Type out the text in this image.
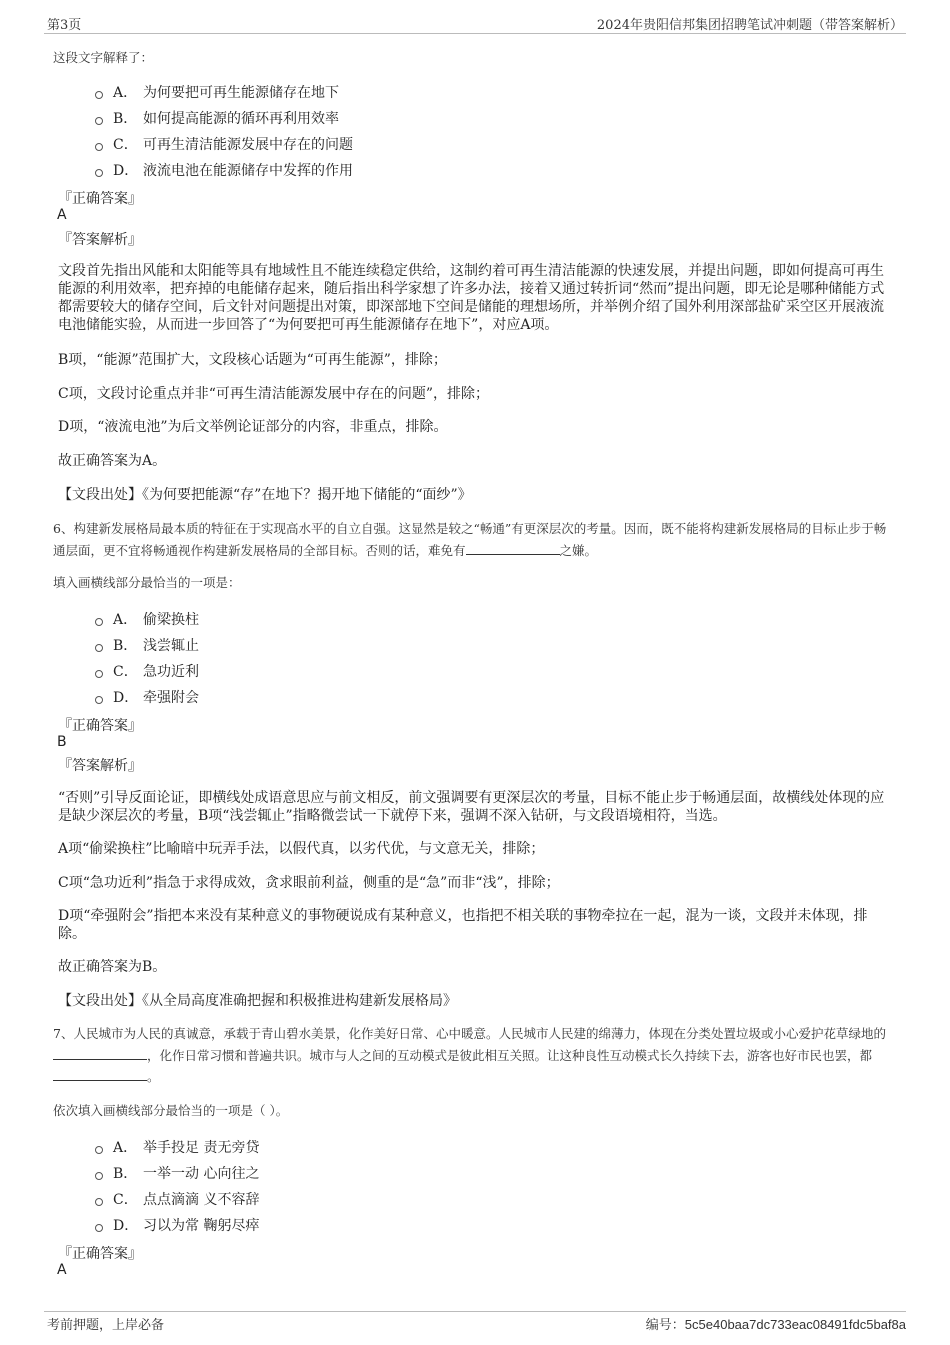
第3页	2024年贵阳信邦集团招聘笔试冲刺题（带答案解析）
这段文字解释了：
A． 为何要把可再生能源储存在地下
B． 如何提高能源的循环再利用效率
C． 可再生清洁能源发展中存在的问题
D． 液流电池在能源储存中发挥的作用
『正确答案』
A
『答案解析』
文段首先指出风能和太阳能等具有地域性且不能连续稳定供给，这制约着可再生清洁能源的快速发展，并提出问题，即如何提高可再生能源的利用效率，把弃掉的电能储存起来，随后指出科学家想了许多办法，接着又通过转折词“然而”提出问题，即无论是哪种储能方式都需要较大的储存空间，后文针对问题提出对策，即深部地下空间是储能的理想场所，并举例介绍了国外利用深部盐矿采空区开展液流电池储能实验，从而进一步回答了“为何要把可再生能源储存在地下”，对应A项。
B项，“能源”范围扩大，文段核心话题为“可再生能源”，排除；
C项，文段讨论重点并非“可再生清洁能源发展中存在的问题”，排除；
D项，“液流电池”为后文举例论证部分的内容，非重点，排除。
故正确答案为A。
【文段出处】《为何要把能源“存”在地下？揭开地下储能的“面纱”》
6、构建新发展格局最本质的特征在于实现高水平的自立自强。这显然是较之“畅通”有更深层次的考量。因而，既不能将构建新发展格局的目标止步于畅通层面，更不宜将畅通视作构建新发展格局的全部目标。否则的话，难免有	之嫌。
填入画横线部分最恰当的一项是：
A． 偷梁换柱
B． 浅尝辄止
C． 急功近利
D． 牵强附会
『正确答案』
B
『答案解析』
“否则”引导反面论证，即横线处成语意思应与前文相反，前文强调要有更深层次的考量，目标不能止步于畅通层面，故横线处体现的应是缺少深层次的考量，B项“浅尝辄止”指略微尝试一下就停下来，强调不深入钻研，与文段语境相符，当选。
A项“偷梁换柱”比喻暗中玩弄手法，以假代真，以劣代优，与文意无关，排除；
C项“急功近利”指急于求得成效，贪求眼前利益，侧重的是“急”而非“浅”，排除；
D项“牵强附会”指把本来没有某种意义的事物硬说成有某种意义，也指把不相关联的事物牵拉在一起，混为一谈，文段并未体现，排除。
故正确答案为B。
【文段出处】《从全局高度准确把握和积极推进构建新发展格局》
7、人民城市为人民的真诚意，承载于青山碧水美景，化作美好日常、心中暖意。人民城市人民建的绵薄力，体现在分类处置垃圾或小心爱护花草绿地的，化作日常习惯和普遍共识。城市与人之间的互动模式是彼此相互关照。让这种良性互动模式长久持续下去，游客也好市民也罢，都。
依次填入画横线部分最恰当的一项是（ ）。
A． 举手投足 责无旁贷
B． 一举一动 心向往之
C． 点点滴滴 义不容辞
D． 习以为常 鞠躬尽瘁
『正确答案』
A
考前押题，上岸必备	编号：5c5e40baa7dc733eac08491fdc5baf8a
